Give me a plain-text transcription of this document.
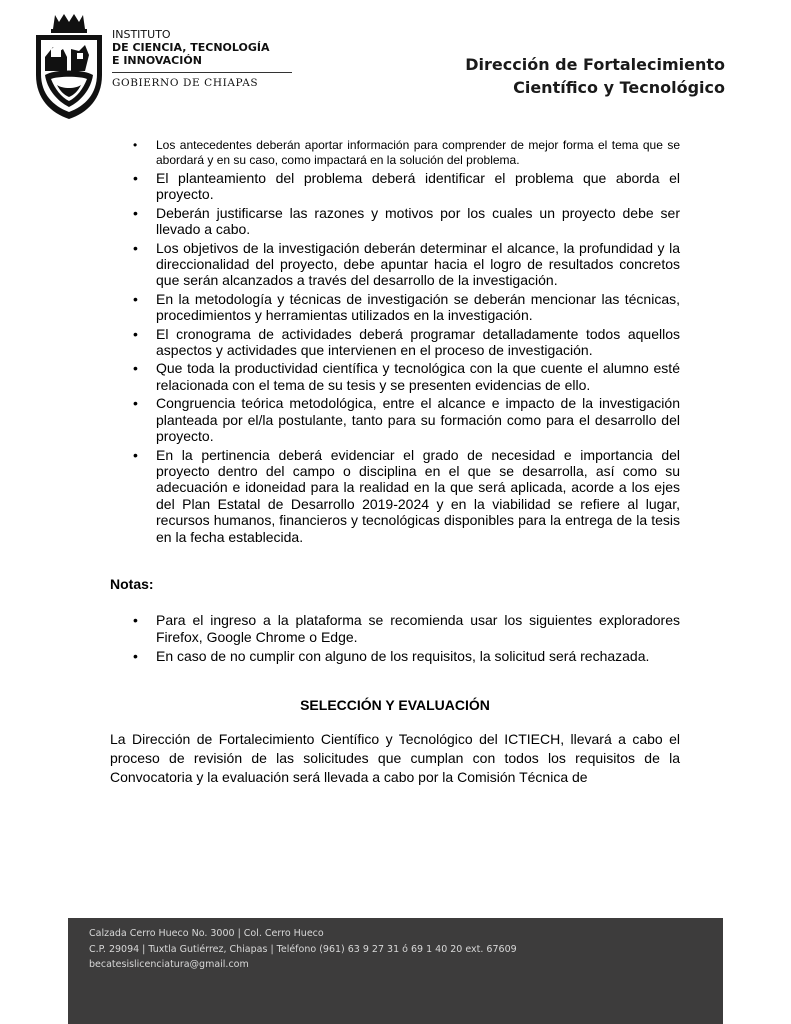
INSTITUTO
DE CIENCIA, TECNOLOGÍA
E INNOVACIÓN
GOBIERNO DE CHIAPAS
Dirección de Fortalecimiento
Científico y Tecnológico
• Los antecedentes deberán aportar información para comprender de mejor forma el tema que se abordará y en su caso, como impactará en la solución del problema.
• El planteamiento del problema deberá identificar el problema que aborda el proyecto.
• Deberán justificarse las razones y motivos por los cuales un proyecto debe ser llevado a cabo.
• Los objetivos de la investigación deberán determinar el alcance, la profundidad y la direccionalidad del proyecto, debe apuntar hacia el logro de resultados concretos que serán alcanzados a través del desarrollo de la investigación.
• En la metodología y técnicas de investigación se deberán mencionar las técnicas, procedimientos y herramientas utilizados en la investigación.
• El cronograma de actividades deberá programar detalladamente todos aquellos aspectos y actividades que intervienen en el proceso de investigación.
• Que toda la productividad científica y tecnológica con la que cuente el alumno esté relacionada con el tema de su tesis y se presenten evidencias de ello.
• Congruencia teórica metodológica, entre el alcance e impacto de la investigación planteada por el/la postulante, tanto para su formación como para el desarrollo del proyecto.
• En la pertinencia deberá evidenciar el grado de necesidad e importancia del proyecto dentro del campo o disciplina en el que se desarrolla, así como su adecuación e idoneidad para la realidad en la que será aplicada, acorde a los ejes del Plan Estatal de Desarrollo 2019-2024 y en la viabilidad se refiere al lugar, recursos humanos, financieros y tecnológicas disponibles para la entrega de la tesis en la fecha establecida.
Notas:
• Para el ingreso a la plataforma se recomienda usar los siguientes exploradores Firefox, Google Chrome o Edge.
• En caso de no cumplir con alguno de los requisitos, la solicitud será rechazada.
SELECCIÓN Y EVALUACIÓN

La Dirección de Fortalecimiento Científico y Tecnológico del ICTIECH, llevará a cabo el proceso de revisión de las solicitudes que cumplan con todos los requisitos de la Convocatoria y la evaluación será llevada a cabo por la Comisión Técnica de

Calzada Cerro Hueco No. 3000 | Col. Cerro Hueco
C.P. 29094 | Tuxtla Gutiérrez, Chiapas | Teléfono (961) 63 9 27 31 ó 69 1 40 20 ext. 67609
becatesislicenciatura@gmail.com
